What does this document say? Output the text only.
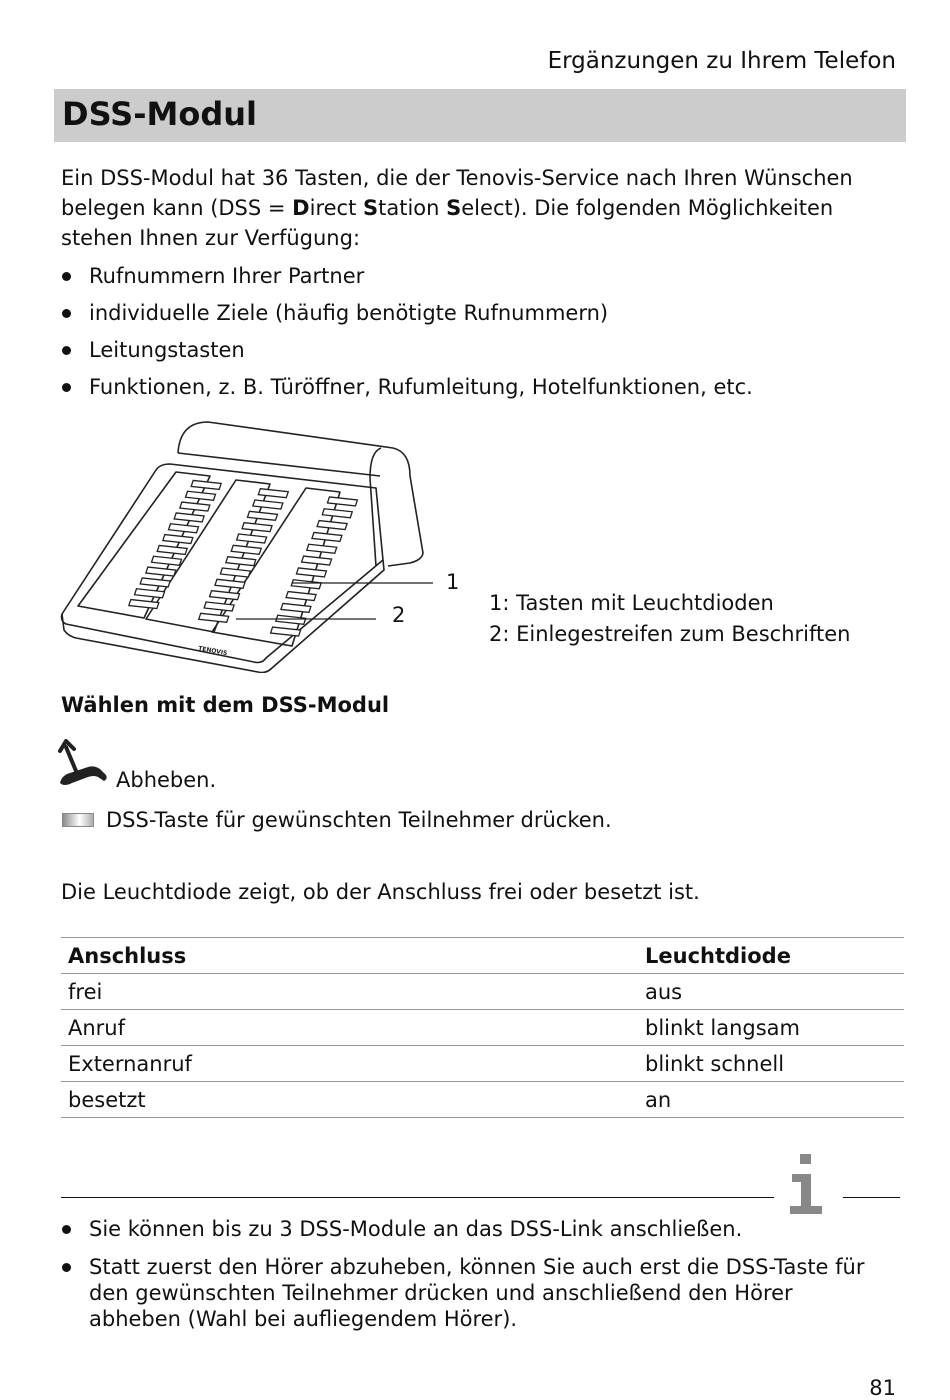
Ergänzungen zu Ihrem Telefon
DSS-Modul
Ein DSS-Modul hat 36 Tasten, die der Tenovis-Service nach Ihren Wünschen belegen kann (DSS = Direct Station Select). Die folgenden Möglichkeiten stehen Ihnen zur Verfügung:
Rufnummern Ihrer Partner
individuelle Ziele (häufig benötigte Rufnummern)
Leitungstasten
Funktionen, z. B. Türöffner, Rufumleitung, Hotelfunktionen, etc.
TENOVIS
1
2	1: Tasten mit Leuchtdioden
2: Einlegestreifen zum Beschriften
Wählen mit dem DSS-Modul
Abheben.
DSS-Taste für gewünschten Teilnehmer drücken.
Die Leuchtdiode zeigt, ob der Anschluss frei oder besetzt ist.
Anschluss	Leuchtdiode
frei	aus
Anruf	blinkt langsam
Externanruf	blinkt schnell
besetzt	an
Sie können bis zu 3 DSS-Module an das DSS-Link anschließen.
Statt zuerst den Hörer abzuheben, können Sie auch erst die DSS-Taste für den gewünschten Teilnehmer drücken und anschließend den Hörer abheben (Wahl bei aufliegendem Hörer).
81
